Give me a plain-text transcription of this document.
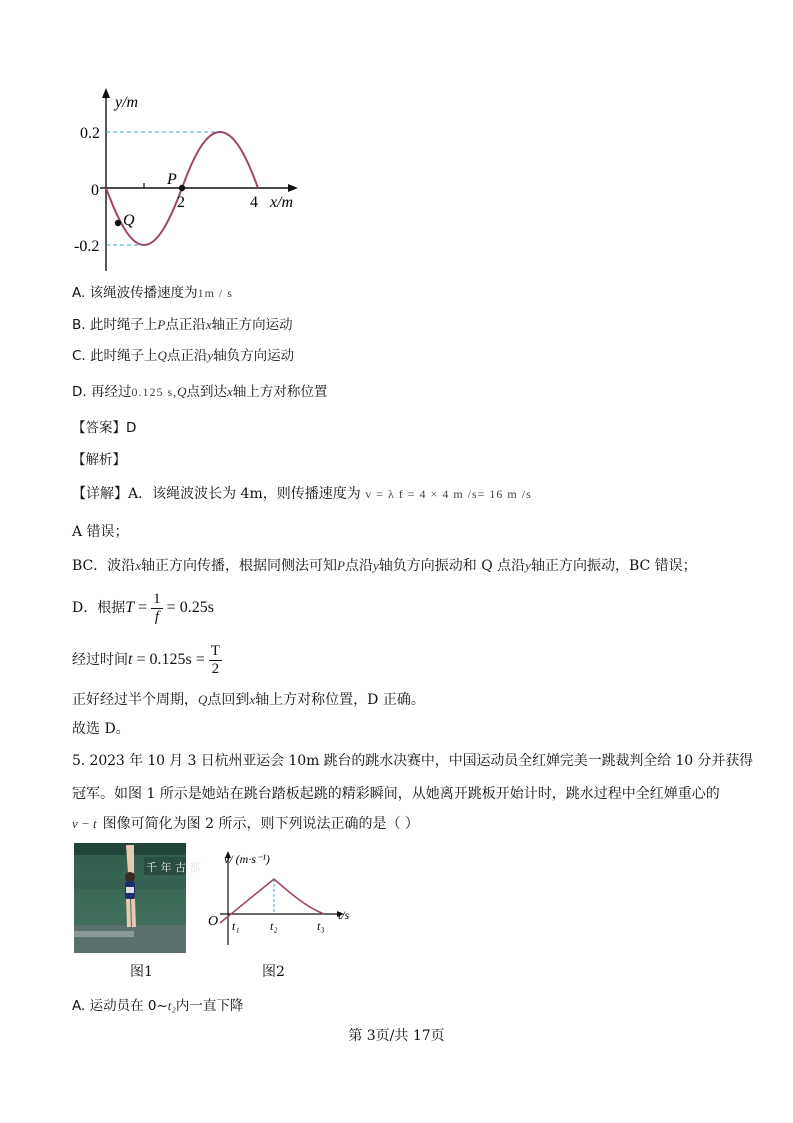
y/m
x/m
0
0.2
-0.2
2	4
P
Q
A. 该绳波传播速度为1m / s
B. 此时绳子上P点正沿x轴正方向运动
C. 此时绳子上Q点正沿y轴负方向运动
D. 再经过0.125 s,Q点到达x轴上方对称位置
【答案】D
【解析】
【详解】A．该绳波波长为 4m，则传播速度为 v = λ f = 4 × 4 m /s= 16 m /s
A 错误；
BC．波沿x轴正方向传播，根据同侧法可知P点沿y轴负方向振动和 Q 点沿y轴正方向振动，BC 错误；
D．根据$T = \frac{1}{f} = 0.25s$
经过时间$t = 0.125s = \frac{T}{2}$
正好经过半个周期，Q点回到x轴上方对称位置，D 正确。
故选 D。
5. 2023 年 10 月 3 日杭州亚运会 10m 跳台的跳水决赛中，中国运动员全红婵完美一跳裁判全给 10 分并获得
冠军。如图 1 所示是她站在跳台踏板起跳的精彩瞬间，从她离开跳板开始计时，跳水过程中全红婵重心的
v − t 图像可简化为图 2 所示，则下列说法正确的是（ ）
千 年 古 都
v/ (m·s⁻¹)
t/s
O t₁	t₂	t₃
图1	图2
A. 运动员在 0~t₂内一直下降
第 3页/共 17页
